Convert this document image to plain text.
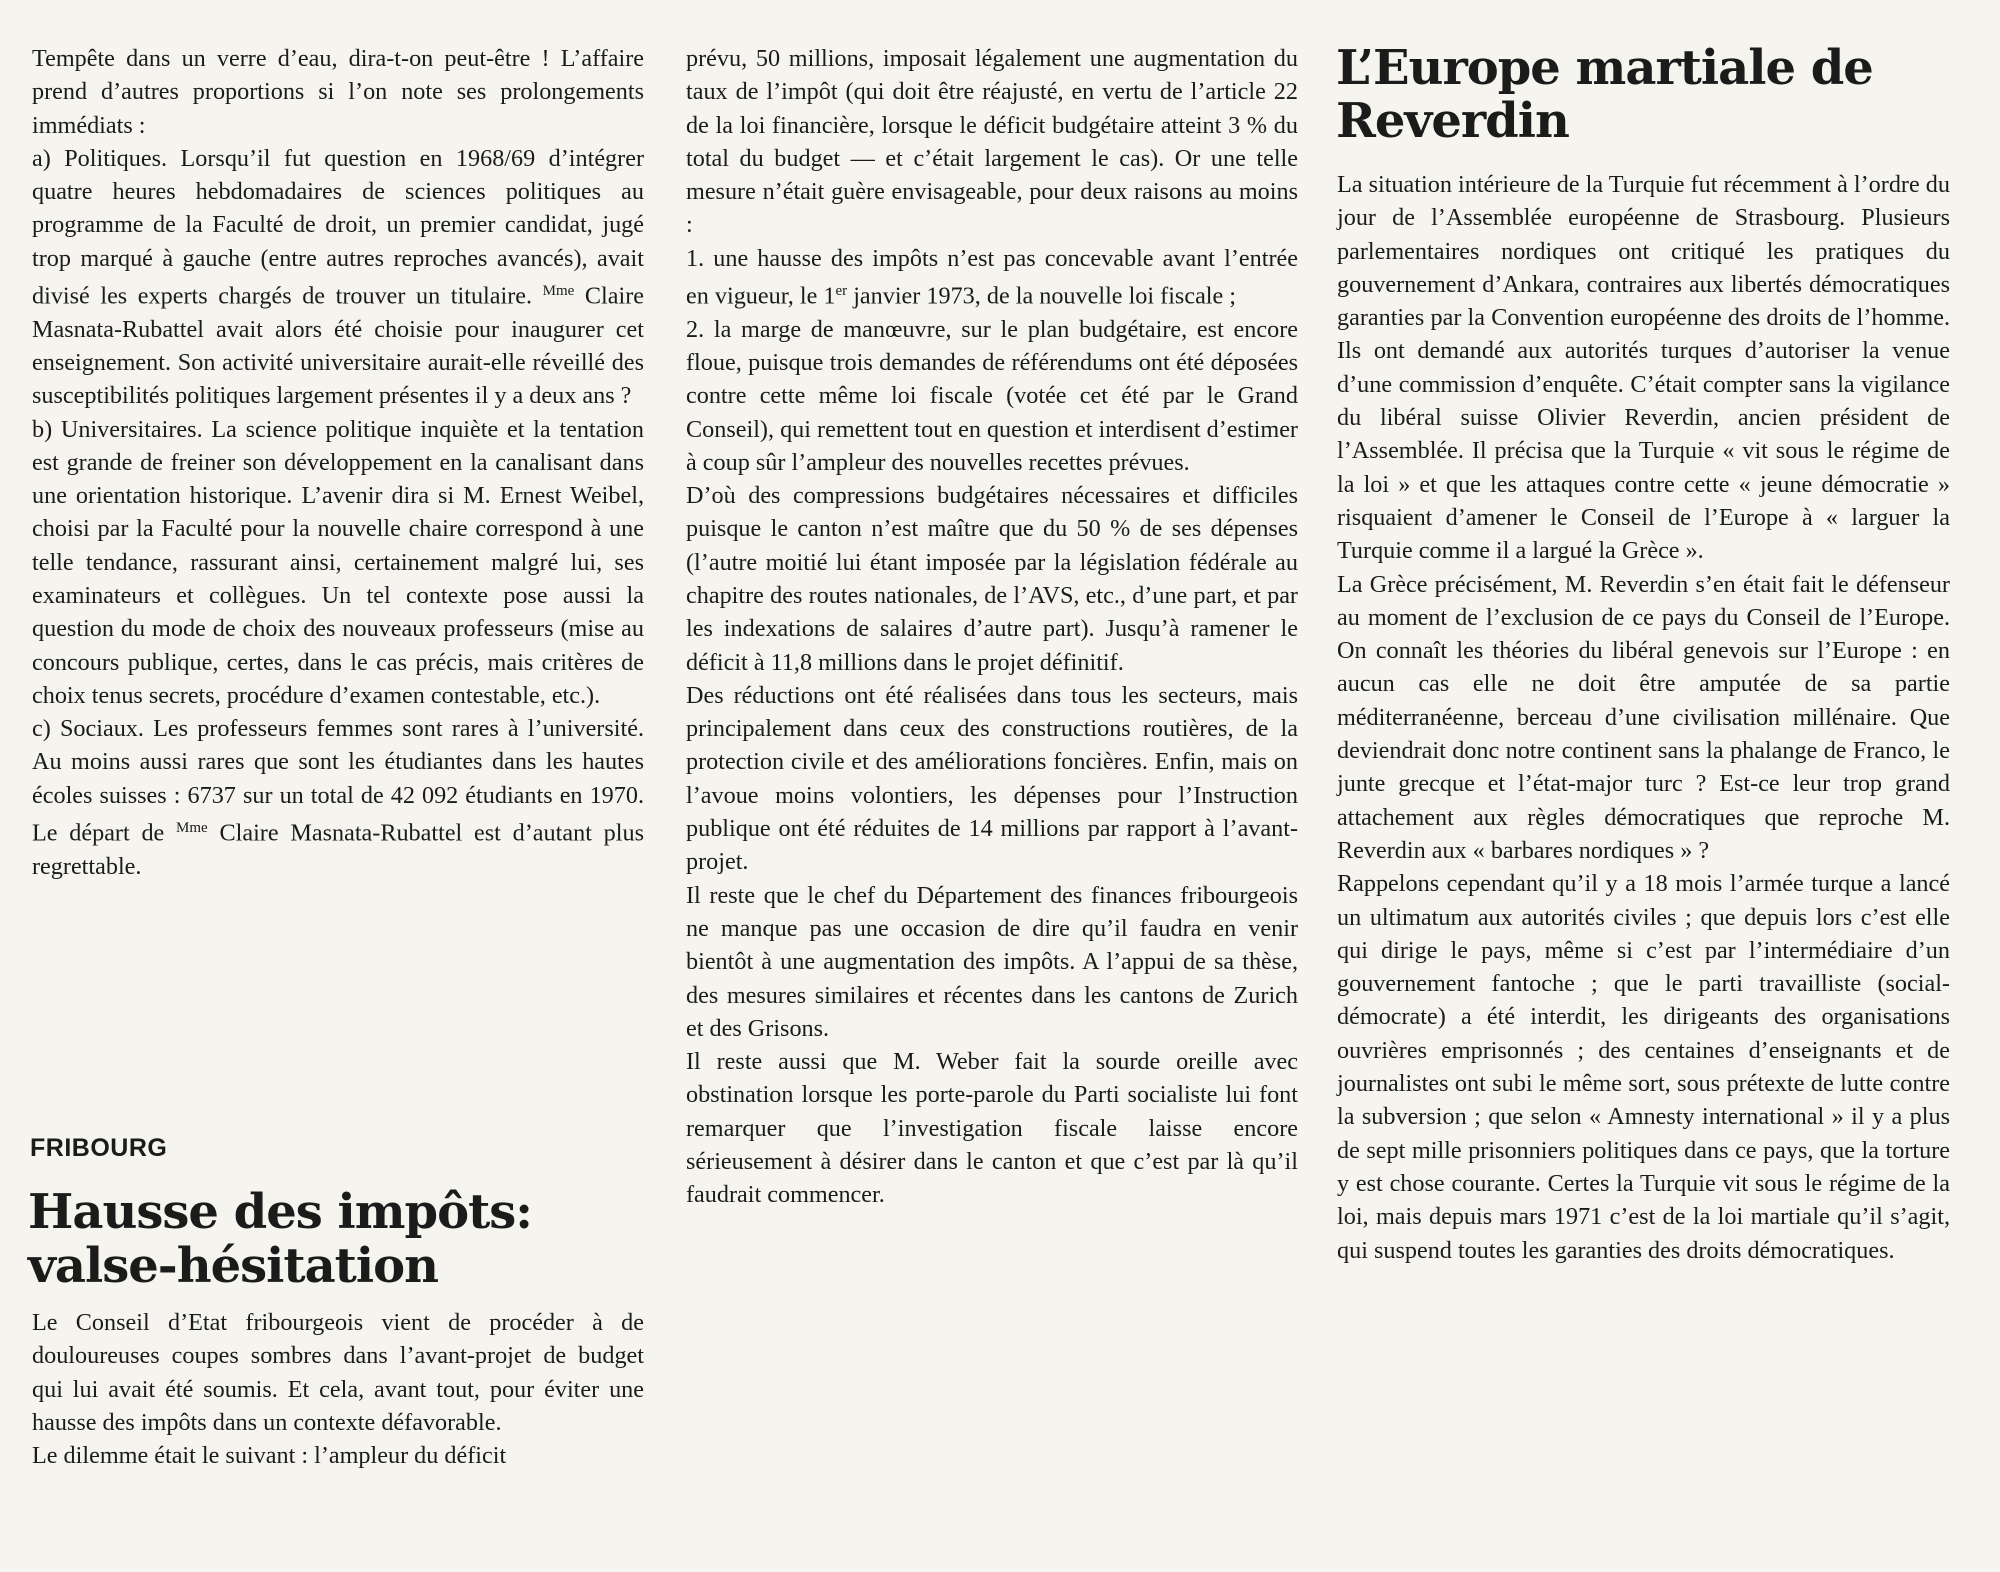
Tempête dans un verre d’eau, dira-t-on peut-être ! L’affaire prend d’autres proportions si l’on note ses prolongements immédiats :

a) Politiques. Lorsqu’il fut question en 1968/69 d’intégrer quatre heures hebdomadaires de sciences politiques au programme de la Faculté de droit, un premier candidat, jugé trop marqué à gauche (entre autres reproches avancés), avait divisé les experts chargés de trouver un titulaire. $^{Mme}$ Claire Masnata-Rubattel avait alors été choisie pour inaugurer cet enseignement. Son activité universitaire aurait-elle réveillé des susceptibilités politiques largement présentes il y a deux ans ?

b) Universitaires. La science politique inquiète et la tentation est grande de freiner son développement en la canalisant dans une orientation historique. L’avenir dira si M. Ernest Weibel, choisi par la Faculté pour la nouvelle chaire correspond à une telle tendance, rassurant ainsi, certainement malgré lui, ses examinateurs et collègues. Un tel contexte pose aussi la question du mode de choix des nouveaux professeurs (mise au concours publique, certes, dans le cas précis, mais critères de choix tenus secrets, procédure d’examen contestable, etc.).

c) Sociaux. Les professeurs femmes sont rares à l’université. Au moins aussi rares que sont les étudiantes dans les hautes écoles suisses : 6737 sur un total de 42 092 étudiants en 1970. Le départ de $^{Mme}$ Claire Masnata-Rubattel est d’autant plus regrettable.

FRIBOURG
Hausse des impôts: valse-hésitation

Le Conseil d’Etat fribourgeois vient de procéder à de douloureuses coupes sombres dans l’avant-projet de budget qui lui avait été soumis. Et cela, avant tout, pour éviter une hausse des impôts dans un contexte défavorable.

Le dilemme était le suivant : l’ampleur du déficit

prévu, 50 millions, imposait légalement une augmentation du taux de l’impôt (qui doit être réajusté, en vertu de l’article 22 de la loi financière, lorsque le déficit budgétaire atteint 3 % du total du budget — et c’était largement le cas). Or une telle mesure n’était guère envisageable, pour deux raisons au moins :

1. une hausse des impôts n’est pas concevable avant l’entrée en vigueur, le 1er janvier 1973, de la nouvelle loi fiscale ;

2. la marge de manœuvre, sur le plan budgétaire, est encore floue, puisque trois demandes de référendums ont été déposées contre cette même loi fiscale (votée cet été par le Grand Conseil), qui remettent tout en question et interdisent d’estimer à coup sûr l’ampleur des nouvelles recettes prévues.

D’où des compressions budgétaires nécessaires et difficiles puisque le canton n’est maître que du 50 % de ses dépenses (l’autre moitié lui étant imposée par la législation fédérale au chapitre des routes nationales, de l’AVS, etc., d’une part, et par les indexations de salaires d’autre part). Jusqu’à ramener le déficit à 11,8 millions dans le projet définitif.

Des réductions ont été réalisées dans tous les secteurs, mais principalement dans ceux des constructions routières, de la protection civile et des améliorations foncières. Enfin, mais on l’avoue moins volontiers, les dépenses pour l’Instruction publique ont été réduites de 14 millions par rapport à l’avant-projet.

Il reste que le chef du Département des finances fribourgeois ne manque pas une occasion de dire qu’il faudra en venir bientôt à une augmentation des impôts. A l’appui de sa thèse, des mesures similaires et récentes dans les cantons de Zurich et des Grisons.

Il reste aussi que M. Weber fait la sourde oreille avec obstination lorsque les porte-parole du Parti socialiste lui font remarquer que l’investigation fiscale laisse encore sérieusement à désirer dans le canton et que c’est par là qu’il faudrait commencer.

L’Europe martiale de Reverdin

La situation intérieure de la Turquie fut récemment à l’ordre du jour de l’Assemblée européenne de Strasbourg. Plusieurs parlementaires nordiques ont critiqué les pratiques du gouvernement d’Ankara, contraires aux libertés démocratiques garanties par la Convention européenne des droits de l’homme. Ils ont demandé aux autorités turques d’autoriser la venue d’une commission d’enquête. C’était compter sans la vigilance du libéral suisse Olivier Reverdin, ancien président de l’Assemblée. Il précisa que la Turquie « vit sous le régime de la loi » et que les attaques contre cette « jeune démocratie » risquaient d’amener le Conseil de l’Europe à « larguer la Turquie comme il a largué la Grèce ».

La Grèce précisément, M. Reverdin s’en était fait le défenseur au moment de l’exclusion de ce pays du Conseil de l’Europe. On connaît les théories du libéral genevois sur l’Europe : en aucun cas elle ne doit être amputée de sa partie méditerranéenne, berceau d’une civilisation millénaire. Que deviendrait donc notre continent sans la phalange de Franco, le junte grecque et l’état-major turc ? Est-ce leur trop grand attachement aux règles démocratiques que reproche M. Reverdin aux « barbares nordiques » ?

Rappelons cependant qu’il y a 18 mois l’armée turque a lancé un ultimatum aux autorités civiles ; que depuis lors c’est elle qui dirige le pays, même si c’est par l’intermédiaire d’un gouvernement fantoche ; que le parti travailliste (social-démocrate) a été interdit, les dirigeants des organisations ouvrières emprisonnés ; des centaines d’enseignants et de journalistes ont subi le même sort, sous prétexte de lutte contre la subversion ; que selon « Amnesty international » il y a plus de sept mille prisonniers politiques dans ce pays, que la torture y est chose courante. Certes la Turquie vit sous le régime de la loi, mais depuis mars 1971 c’est de la loi martiale qu’il s’agit, qui suspend toutes les garanties des droits démocratiques.
